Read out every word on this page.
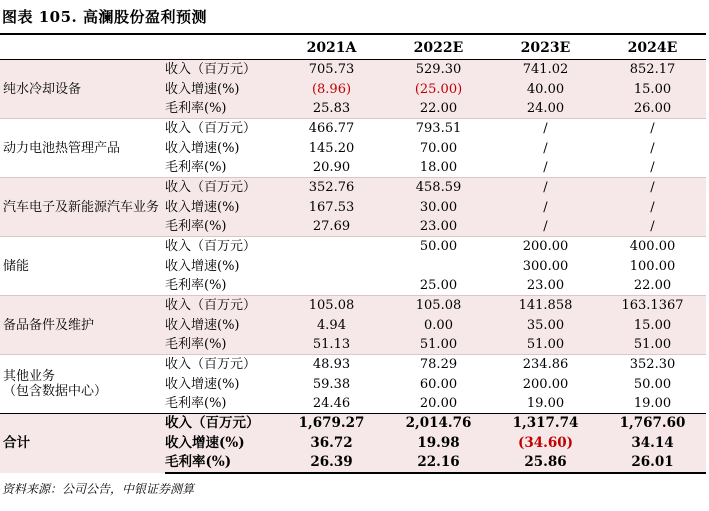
图表 105. 高澜股份盈利预测
		2021A	2022E	2023E	2024E
纯水冷却设备	收入（百万元）	705.73	529.30	741.02	852.17
	收入增速(%)	(8.96)	(25.00)	40.00	15.00
	毛利率(%)	25.83	22.00	24.00	26.00
动力电池热管理产品	收入（百万元）	466.77	793.51	/	/
	收入增速(%)	145.20	70.00	/	/
	毛利率(%)	20.90	18.00	/	/
汽车电子及新能源汽车业务	收入（百万元）	352.76	458.59	/	/
	收入增速(%)	167.53	30.00	/	/
	毛利率(%)	27.69	23.00	/	/
储能	收入（百万元）		50.00	200.00	400.00
	收入增速(%)			300.00	100.00
	毛利率(%)		25.00	23.00	22.00
备品备件及维护	收入（百万元）	105.08	105.08	141.858	163.1367
	收入增速(%)	4.94	0.00	35.00	15.00
	毛利率(%)	51.13	51.00	51.00	51.00
其他业务
（包含数据中心）	收入（百万元）	48.93	78.29	234.86	352.30
	收入增速(%)	59.38	60.00	200.00	50.00
	毛利率(%)	24.46	20.00	19.00	19.00
合计	收入（百万元）	1,679.27	2,014.76	1,317.74	1,767.60
	收入增速(%)	36.72	19.98	(34.60)	34.14
	毛利率(%)	26.39	22.16	25.86	26.01
资料来源：公司公告，中银证券测算
